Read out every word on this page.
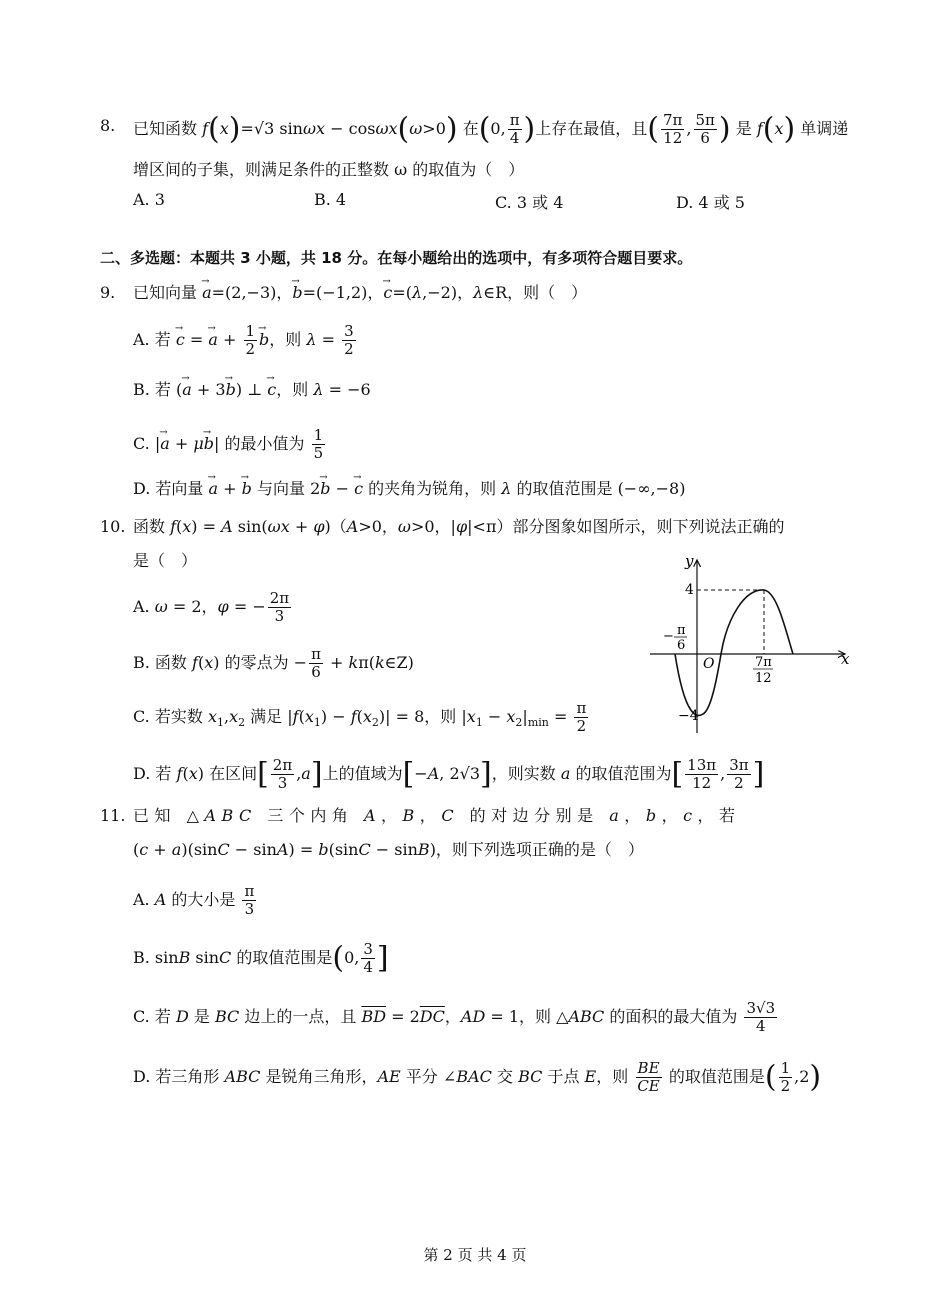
8. 已知函数 f(x)=√3 sinωx − cosωx(ω>0) 在(0, $\frac{\pi}{4}$ )上存在最值，且( $\frac{7\pi}{12}$ , $\frac{5\pi}{6}$ ) 是 f(x) 单调递
增区间的子集，则满足条件的正整数 ω 的取值为（　）
A. 3	B. 4	C. 3 或 4	D. 4 或 5
二、多选题：本题共 3 小题，共 18 分。在每小题给出的选项中，有多项符合题目要求。
9. 已知向量 → a=(2,−3)，→ b=(−1,2)，→ c=(λ,−2)，λ∈R，则（　）
A. 若 → c = → $a + \frac{1}{2} \to b$，则 $\lambda = \frac{3}{2}$
B. 若 (→ a + 3→ b) ⊥ → c，则 λ = −6
C. |→ a + μ→ b| 的最小值为 $\frac{1}{5}$
D. 若向量 → a + → b 与向量 2→ b − → c 的夹角为锐角，则 λ 的取值范围是 (−∞,−8)
10. 函数 f(x) = A sin(ωx + φ)（A>0，ω>0，|φ|<π）部分图象如图所示，则下列说法正确的
是（　）
A. ω = 2，φ = − $\frac{2\pi}{3}$
B. 函数 f(x) 的零点为 − $\frac{\pi}{6}$ + kπ(k∈Z)
C. 若实数 $x_1,x_2$ 满足 $|f(x_1) - f(x_2)| = 8$，则 $|x_1 - x_2|_{min} = \frac{\pi}{2}$
D. 若 f(x) 在区间[ $\frac{2\pi}{3} ,a$]上的值域为[−A, 2√3]，则实数 a 的取值范围为[ $\frac{13\pi}{12}$ , $\frac{3\pi}{2}$ ]
y
x
O
4
−4
− π
6
7π
12
11. 已知 △ABC 三个内角 A，B，C 的对边分别是 a，b，c，若
(c + a)(sinC − sinA) = b(sinC − sinB)，则下列选项正确的是（　）
A. A 的大小是 $\frac{\pi}{3}$
B. sinB sinC 的取值范围是(0, $\frac{3}{4}$ ]
C. 若 D 是 BC 边上的一点，且 $\overline{BD} = 2\overline{DC}$，AD = 1，则 △ABC 的面积的最大值为 $\frac{3√3}{4}$
D. 若三角形 ABC 是锐角三角形，AE 平分 ∠BAC 交 BC 于点 E，则 $\frac{BE}{CE}$ 的取值范围是( $\frac{1}{2} ,2$)
第 2 页 共 4 页
